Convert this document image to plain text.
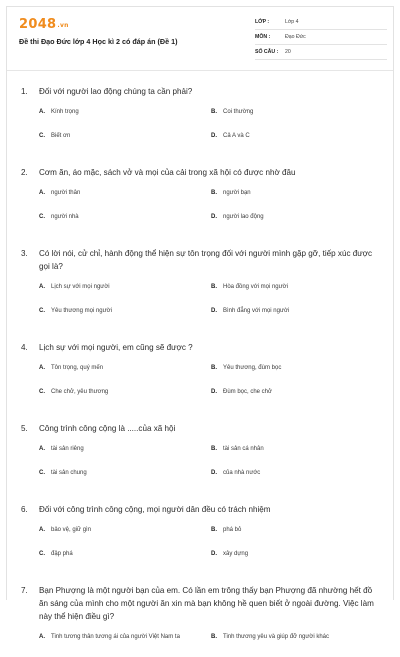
2048.vn
Đề thi Đạo Đức lớp 4 Học kì 2 có đáp án (Đề 1)
LỚP :	Lớp 4
MÔN :	Đạo Đức
SỐ CÂU :	20
1.	Đối với người lao động chúng ta cần phải?
A.	Kính trọng	B.	Coi thường
C.	Biết ơn	D.	Cả A và C
2.	Cơm ăn, áo mặc, sách vở và mọi của cải trong xã hội có được nhờ đâu
A.	người thân	B.	người bạn
C.	người nhà	D.	người lao động
3.	Có lời nói, cử chỉ, hành động thể hiện sự tôn trọng đối với người mình gặp gỡ, tiếp xúc được gọi là?
A.	Lịch sự với mọi người	B.	Hòa đồng với mọi người
C.	Yêu thương mọi người	D.	Bình đẳng với mọi người
4.	Lịch sự với mọi người, em cũng sẽ được ?
A.	Tôn trọng, quý mến	B.	Yêu thương, đùm bọc
C.	Che chở, yêu thương	D.	Đùm bọc, che chở
5.	Công trình công cộng là .....của xã hội
A.	tài sản riêng	B.	tài sản cá nhân
C.	tài sản chung	D.	của nhà nước
6.	Đối với công trình công cộng, mọi người dân đều có trách nhiệm
A.	bảo vệ, giữ gìn	B.	phá bỏ
C.	đập phá	D.	xây dựng
7.	Bạn Phượng là một người bạn của em. Có lần em trông thấy bạn Phượng đã nhường hết đồ ăn sáng của mình cho một người ăn xin mà bạn không hề quen biết ở ngoài đường. Việc làm này thể hiện điều gì?
A.	Tinh tương thân tương ái của người Việt Nam ta	B.	Tinh thương yêu và giúp đỡ người khác
